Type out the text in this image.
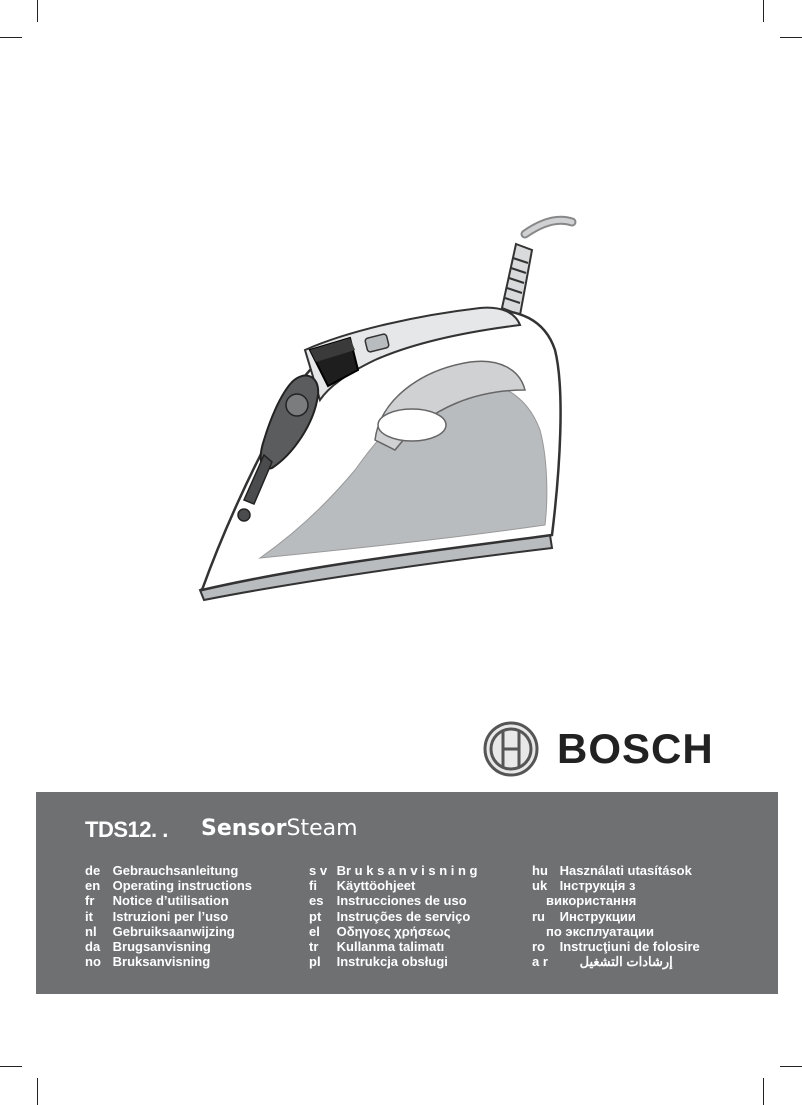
BOSCH
TDS12. . SensorSteam
de Gebrauchsanleitung
en Operating instructions
fr Notice d’utilisation
it Istruzioni per l’uso
nl Gebruiksaanwijzing
da Brugsanvisning
no Bruksanvisning
s v Br u k s a n v i s n i n g
fi Käyttöohjeet
es Instrucciones de uso
pt Instruções de serviço
el Οδηγοες χρήσεως
tr Kullanma talimatı
pl Instrukcja obsługi
hu Használati utasítások
uk Інструкція з
використання
ru Инструкции
по эксплуатации
ro Instrucţiuni de folosire
a r إرشادات التشغيل
